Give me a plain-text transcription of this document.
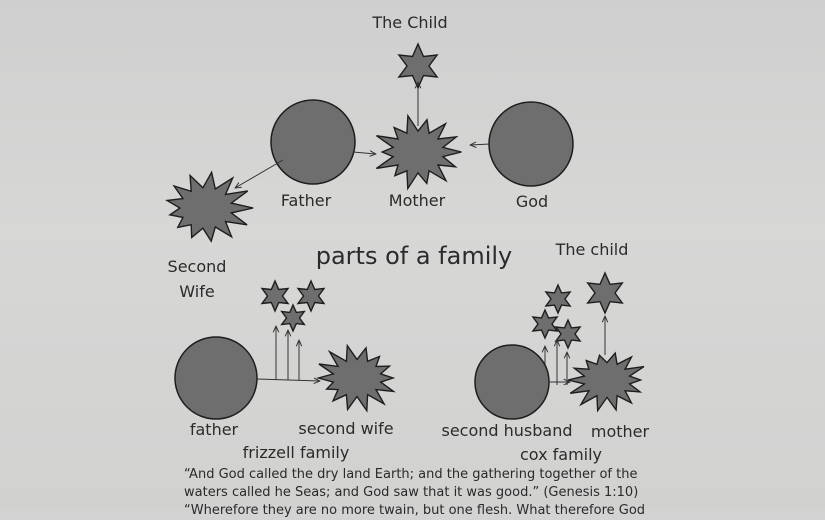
The Child
Father	Mother	God
Second
Wife
parts of a family
father	second wife
frizzell family
The child
second husband mother
cox family

“And God called the dry land Earth; and the gathering together of the

waters called he Seas; and God saw that it was good.” (Genesis 1:10)

“Wherefore they are no more twain, but one flesh. What therefore God
